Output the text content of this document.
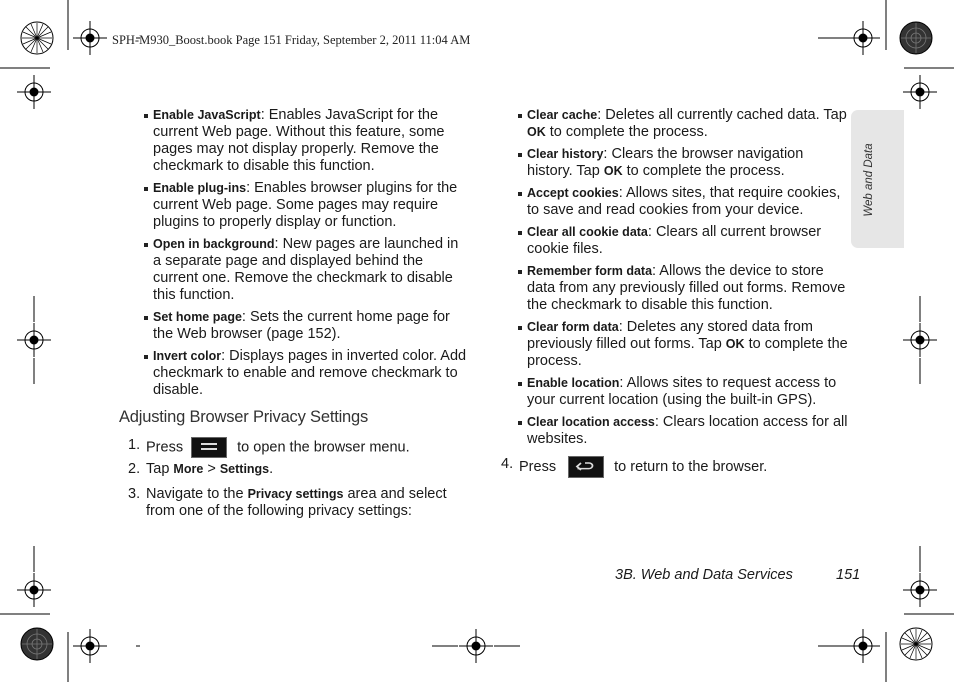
SPH-M930_Boost.book Page 151 Friday, September 2, 2011 11:04 AM
Web and Data
Enable JavaScript: Enables JavaScript for the current Web page. Without this feature, some pages may not display properly. Remove the checkmark to disable this function.
Enable plug-ins: Enables browser plugins for the current Web page. Some pages may require plugins to properly display or function.
Open in background: New pages are launched in a separate page and displayed behind the current one. Remove the checkmark to disable this function.
Set home page: Sets the current home page for the Web browser (page 152).
Invert color: Displays pages in inverted color. Add checkmark to enable and remove checkmark to disable.
Adjusting Browser Privacy Settings
1. Press	to open the browser menu.
2. Tap More > Settings.
3. Navigate to the Privacy settings area and select from one of the following privacy settings:
Clear cache: Deletes all currently cached data. Tap OK to complete the process.
Clear history: Clears the browser navigation history. Tap OK to complete the process.
Accept cookies: Allows sites, that require cookies, to save and read cookies from your device.
Clear all cookie data: Clears all current browser cookie files.
Remember form data: Allows the device to store data from any previously filled out forms. Remove the checkmark to disable this function.
Clear form data: Deletes any stored data from previously filled out forms. Tap OK to complete the process.
Enable location: Allows sites to request access to your current location (using the built-in GPS).
Clear location access: Clears location access for all websites.
4. Press	to return to the browser.
3B. Web and Data Services	151
